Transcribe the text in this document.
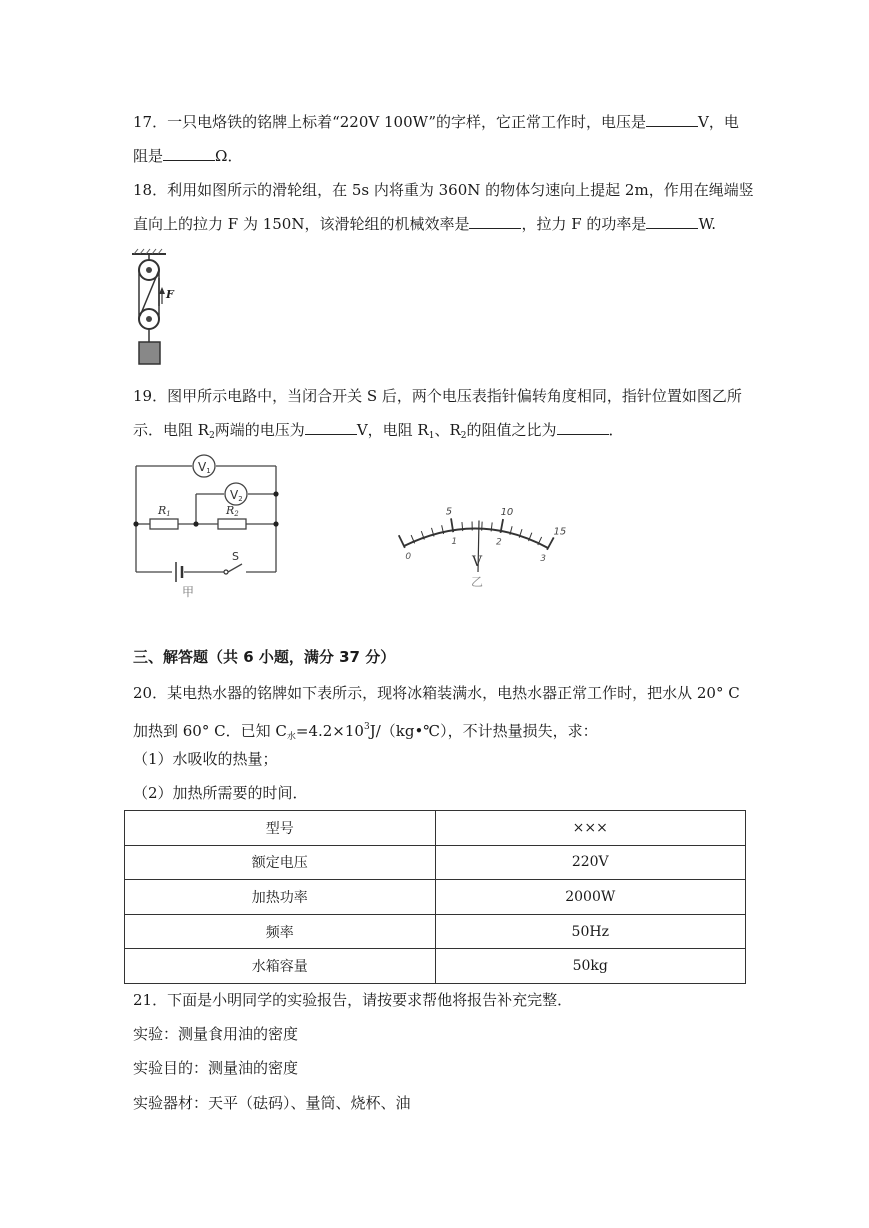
17．一只电烙铁的铭牌上标着“220V 100W”的字样，它正常工作时，电压是	V，电
阻是	Ω．
18．利用如图所示的滑轮组，在 5s 内将重为 360N 的物体匀速向上提起 2m，作用在绳端竖
直向上的拉力 F 为 150N，该滑轮组的机械效率是	，拉力 F 的功率是	W.
F
19．图甲所示电路中，当闭合开关 S 后，两个电压表指针偏转角度相同，指针位置如图乙所
示．电阻 $R_2$两端的电压为	V，电阻 $R_1$、$R_2$的阻值之比为	．
V1
V2
R1	R2
S
甲
5	10
15
0
1	2
3
V
乙
三、解答题（共 6 小题，满分 37 分）
20．某电热水器的铭牌如下表所示，现将冰箱装满水，电热水器正常工作时，把水从 20° C
加热到 60° C．已知 $C_水=4.2\times 10^3J/(kg•℃)$，不计热量损失，求：
（1）水吸收的热量；
（2）加热所需要的时间．
型号	×××
额定电压	220V
加热功率	2000W
频率	50Hz
水箱容量	50kg
21．下面是小明同学的实验报告，请按要求帮他将报告补充完整．
实验：测量食用油的密度
实验目的：测量油的密度
实验器材：天平（砝码）、量筒、烧杯、油
